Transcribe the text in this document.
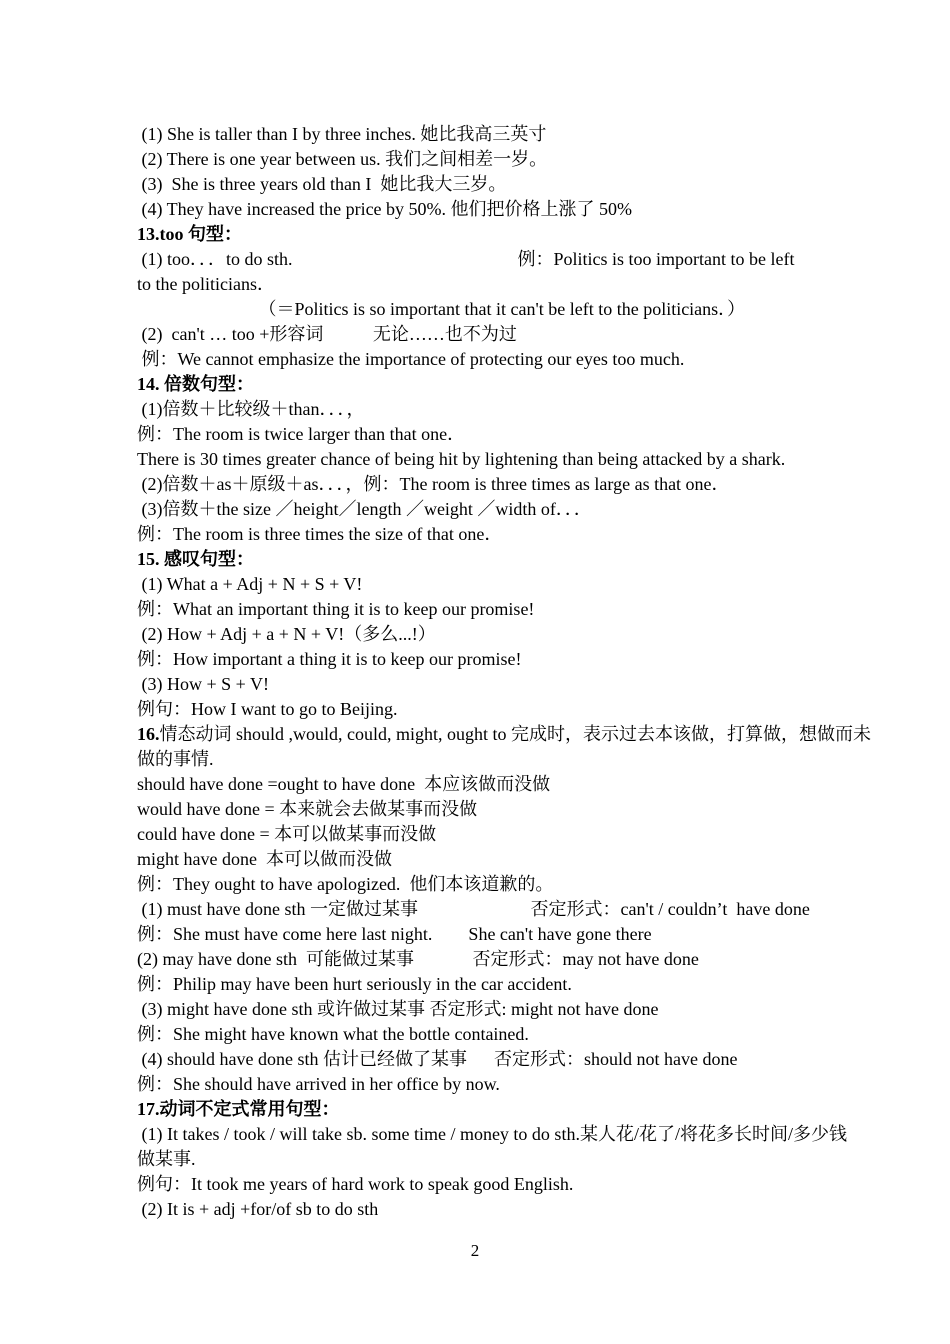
(1) She is taller than I by three inches. 她比我高三英寸
(2) There is one year between us. 我们之间相差一岁。
(3)  She is three years old than I  她比我大三岁。
(4) They have increased the price by 50%. 他们把价格上涨了 50%
13.too 句型：
(1) too．．．to do sth.                                                  例：Politics is too important to be left
to the politicians．
（＝Politics is so important that it can't be left to the politicians．）
(2)  can't … too +形容词           无论……也不为过
例：We cannot emphasize the importance of protecting our eyes too much.
14. 倍数句型：
(1)倍数＋比较级＋than．．．，
例：The room is twice larger than that one．
There is 30 times greater chance of being hit by lightening than being attacked by a shark.
(2)倍数＋as＋原级＋as．．．，例：The room is three times as large as that one．
(3)倍数＋the size ／height／length ／weight ／width of．．．
例：The room is three times the size of that one．
15. 感叹句型：
(1) What a + Adj + N + S + V!
例：What an important thing it is to keep our promise!
(2) How + Adj + a + N + V!（多么...!）
例：How important a thing it is to keep our promise!
(3) How + S + V!
例句：How I want to go to Beijing.
16.情态动词 should ,would, could, might, ought to 完成时，表示过去本该做，打算做，想做而未
做的事情.
should have done =ought to have done  本应该做而没做
would have done = 本来就会去做某事而没做
could have done = 本可以做某事而没做
might have done  本可以做而没做
例：They ought to have apologized.  他们本该道歉的。
(1) must have done sth 一定做过某事                         否定形式：can't / couldn’t  have done
例：She must have come here last night.        She can't have gone there
(2) may have done sth  可能做过某事             否定形式：may not have done
例：Philip may have been hurt seriously in the car accident.
(3) might have done sth 或许做过某事 否定形式: might not have done
例：She might have known what the bottle contained.
(4) should have done sth 估计已经做了某事      否定形式：should not have done
例：She should have arrived in her office by now.
17.动词不定式常用句型：
(1) It takes / took / will take sb. some time / money to do sth.某人花/花了/将花多长时间/多少钱
做某事.
例句：It took me years of hard work to speak good English.
(2) It is + adj +for/of sb to do sth
2
